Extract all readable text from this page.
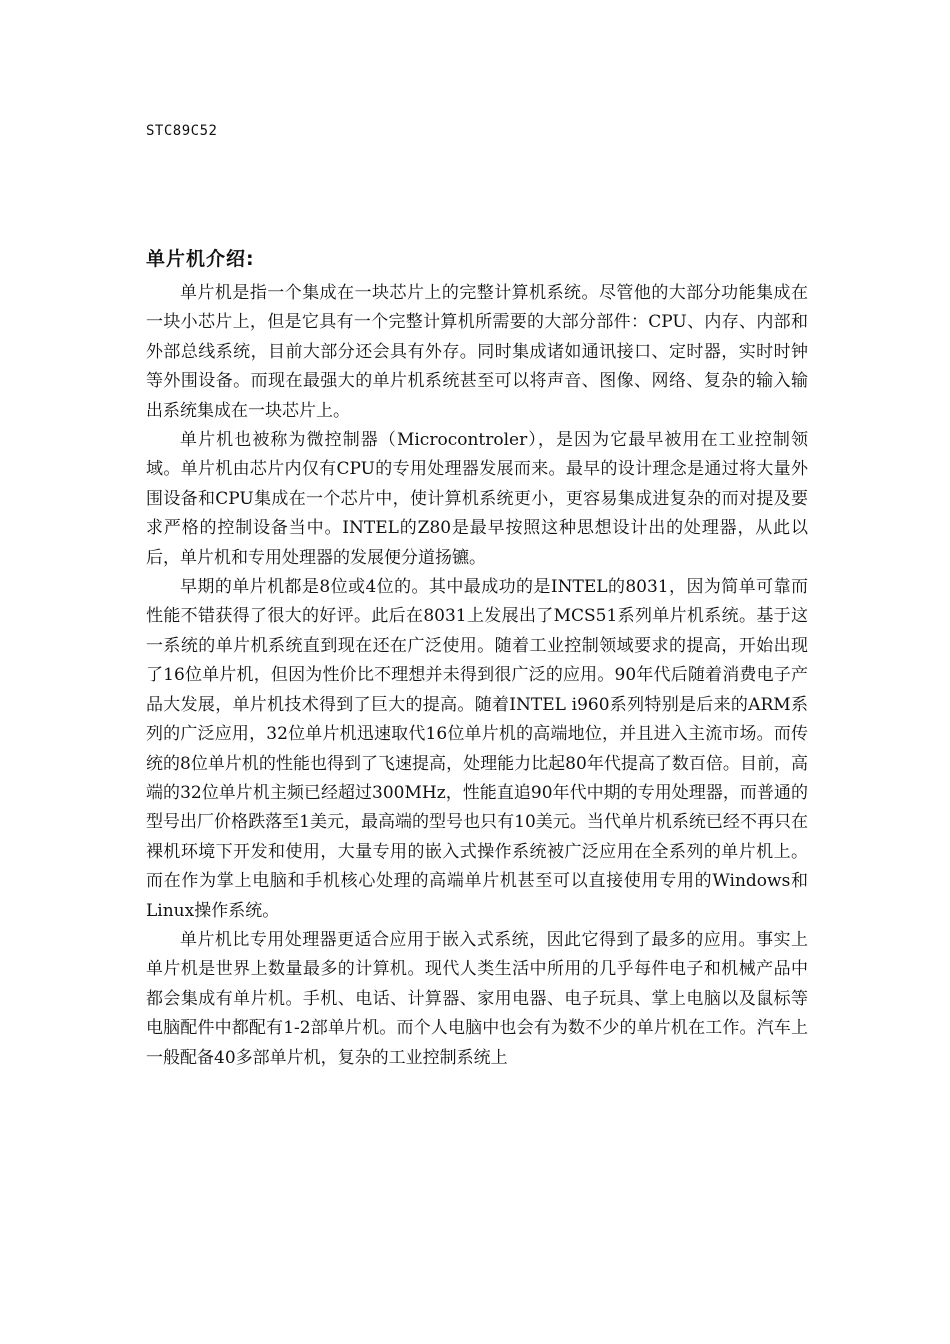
STC89C52
单片机介绍:

单片机是指一个集成在一块芯片上的完整计算机系统。尽管他的大部分功能集成在一块小芯片上，但是它具有一个完整计算机所需要的大部分部件：CPU、内存、内部和外部总线系统，目前大部分还会具有外存。同时集成诸如通讯接口、定时器，实时时钟等外围设备。而现在最强大的单片机系统甚至可以将声音、图像、网络、复杂的输入输出系统集成在一块芯片上。

单片机也被称为微控制器（Microcontroler），是因为它最早被用在工业控制领域。单片机由芯片内仅有CPU的专用处理器发展而来。最早的设计理念是通过将大量外围设备和CPU集成在一个芯片中，使计算机系统更小，更容易集成进复杂的而对提及要求严格的控制设备当中。INTEL的Z80是最早按照这种思想设计出的处理器，从此以后，单片机和专用处理器的发展便分道扬镳。

早期的单片机都是8位或4位的。其中最成功的是INTEL的8031，因为简单可靠而性能不错获得了很大的好评。此后在8031上发展出了MCS51系列单片机系统。基于这一系统的单片机系统直到现在还在广泛使用。随着工业控制领域要求的提高，开始出现了16位单片机，但因为性价比不理想并未得到很广泛的应用。90年代后随着消费电子产品大发展，单片机技术得到了巨大的提高。随着INTEL i960系列特别是后来的ARM系列的广泛应用，32位单片机迅速取代16位单片机的高端地位，并且进入主流市场。而传统的8位单片机的性能也得到了飞速提高，处理能力比起80年代提高了数百倍。目前，高端的32位单片机主频已经超过300MHz，性能直追90年代中期的专用处理器，而普通的型号出厂价格跌落至1美元，最高端的型号也只有10美元。当代单片机系统已经不再只在裸机环境下开发和使用，大量专用的嵌入式操作系统被广泛应用在全系列的单片机上。而在作为掌上电脑和手机核心处理的高端单片机甚至可以直接使用专用的Windows和Linux操作系统。

单片机比专用处理器更适合应用于嵌入式系统，因此它得到了最多的应用。事实上单片机是世界上数量最多的计算机。现代人类生活中所用的几乎每件电子和机械产品中都会集成有单片机。手机、电话、计算器、家用电器、电子玩具、掌上电脑以及鼠标等电脑配件中都配有1-2部单片机。而个人电脑中也会有为数不少的单片机在工作。汽车上一般配备40多部单片机，复杂的工业控制系统上
